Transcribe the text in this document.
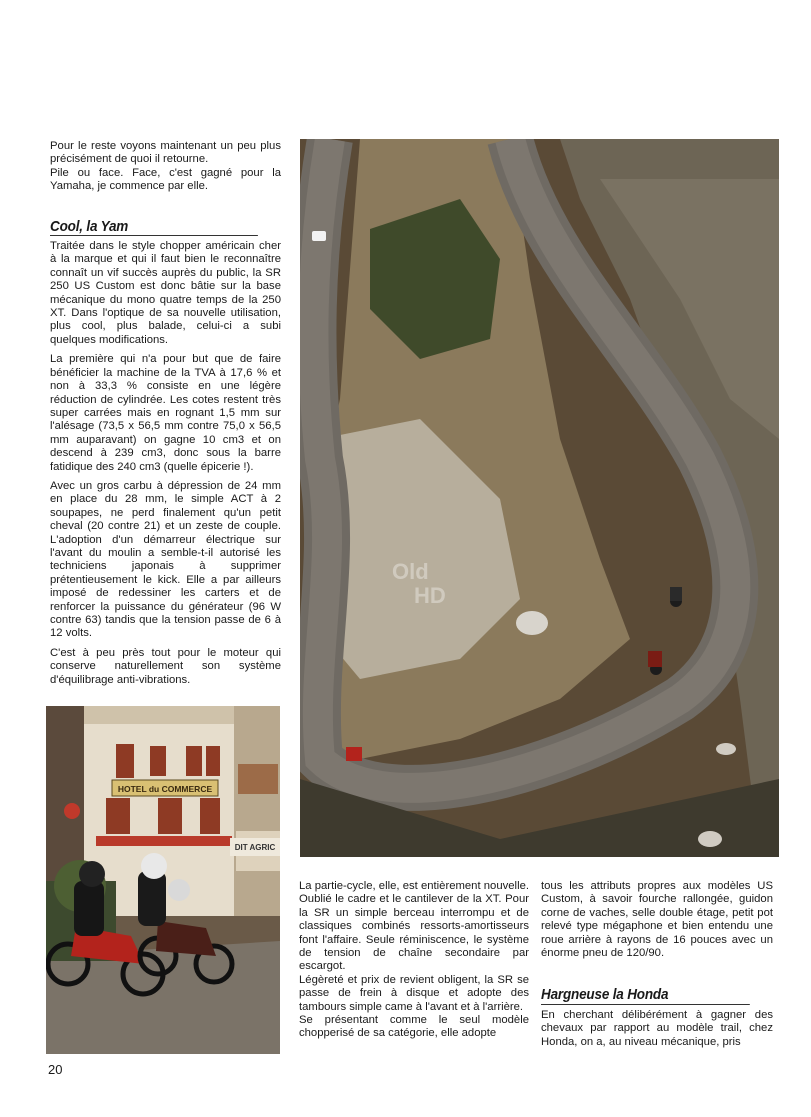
Pour le reste voyons maintenant un peu plus précisément de quoi il retourne.

Pile ou face. Face, c'est gagné pour la Yamaha, je commence par elle.

Cool, la Yam

Traitée dans le style chopper américain cher à la marque et qui il faut bien le reconnaître connaît un vif succès auprès du public, la SR 250 US Custom est donc bâtie sur la base mécanique du mono quatre temps de la 250 XT. Dans l'optique de sa nouvelle utilisation, plus cool, plus balade, celui-ci a subi quelques modifications.

La première qui n'a pour but que de faire bénéficier la machine de la TVA à 17,6 % et non à 33,3 % consiste en une légère réduction de cylindrée. Les cotes restent très super carrées mais en rognant 1,5 mm sur l'alésage (73,5 x 56,5 mm contre 75,0 x 56,5 mm auparavant) on gagne 10 cm3 et on descend à 239 cm3, donc sous la barre fatidique des 240 cm3 (quelle épicerie !).

Avec un gros carbu à dépression de 24 mm en place du 28 mm, le simple ACT à 2 soupapes, ne perd finalement qu'un petit cheval (20 contre 21) et un zeste de couple. L'adoption d'un démarreur électrique sur l'avant du moulin a semble-t-il autorisé les techniciens japonais à supprimer prétentieusement le kick. Elle a par ailleurs imposé de redessiner les carters et de renforcer la puissance du générateur (96 W contre 63) tandis que la tension passe de 6 à 12 volts.

C'est à peu près tout pour le moteur qui conserve naturellement son système d'équilibrage anti-vibrations.

HOTEL du COMMERCE
DIT AGRIC
Old
HD

La partie-cycle, elle, est entièrement nouvelle. Oublié le cadre et le cantilever de la XT. Pour la SR un simple berceau interrompu et de classiques combinés ressorts-amortisseurs font l'affaire. Seule réminiscence, le système de tension de chaîne secondaire par escargot.

Légèreté et prix de revient obligent, la SR se passe de frein à disque et adopte des tambours simple came à l'avant et à l'arrière.

Se présentant comme le seul modèle chopperisé de sa catégorie, elle adopte

tous les attributs propres aux modèles US Custom, à savoir fourche rallongée, guidon corne de vaches, selle double étage, petit pot relevé type mégaphone et bien entendu une roue arrière à rayons de 16 pouces avec un énorme pneu de 120/90.

Hargneuse la Honda

En cherchant délibérément à gagner des chevaux par rapport au modèle trail, chez Honda, on a, au niveau mécanique, pris

20
